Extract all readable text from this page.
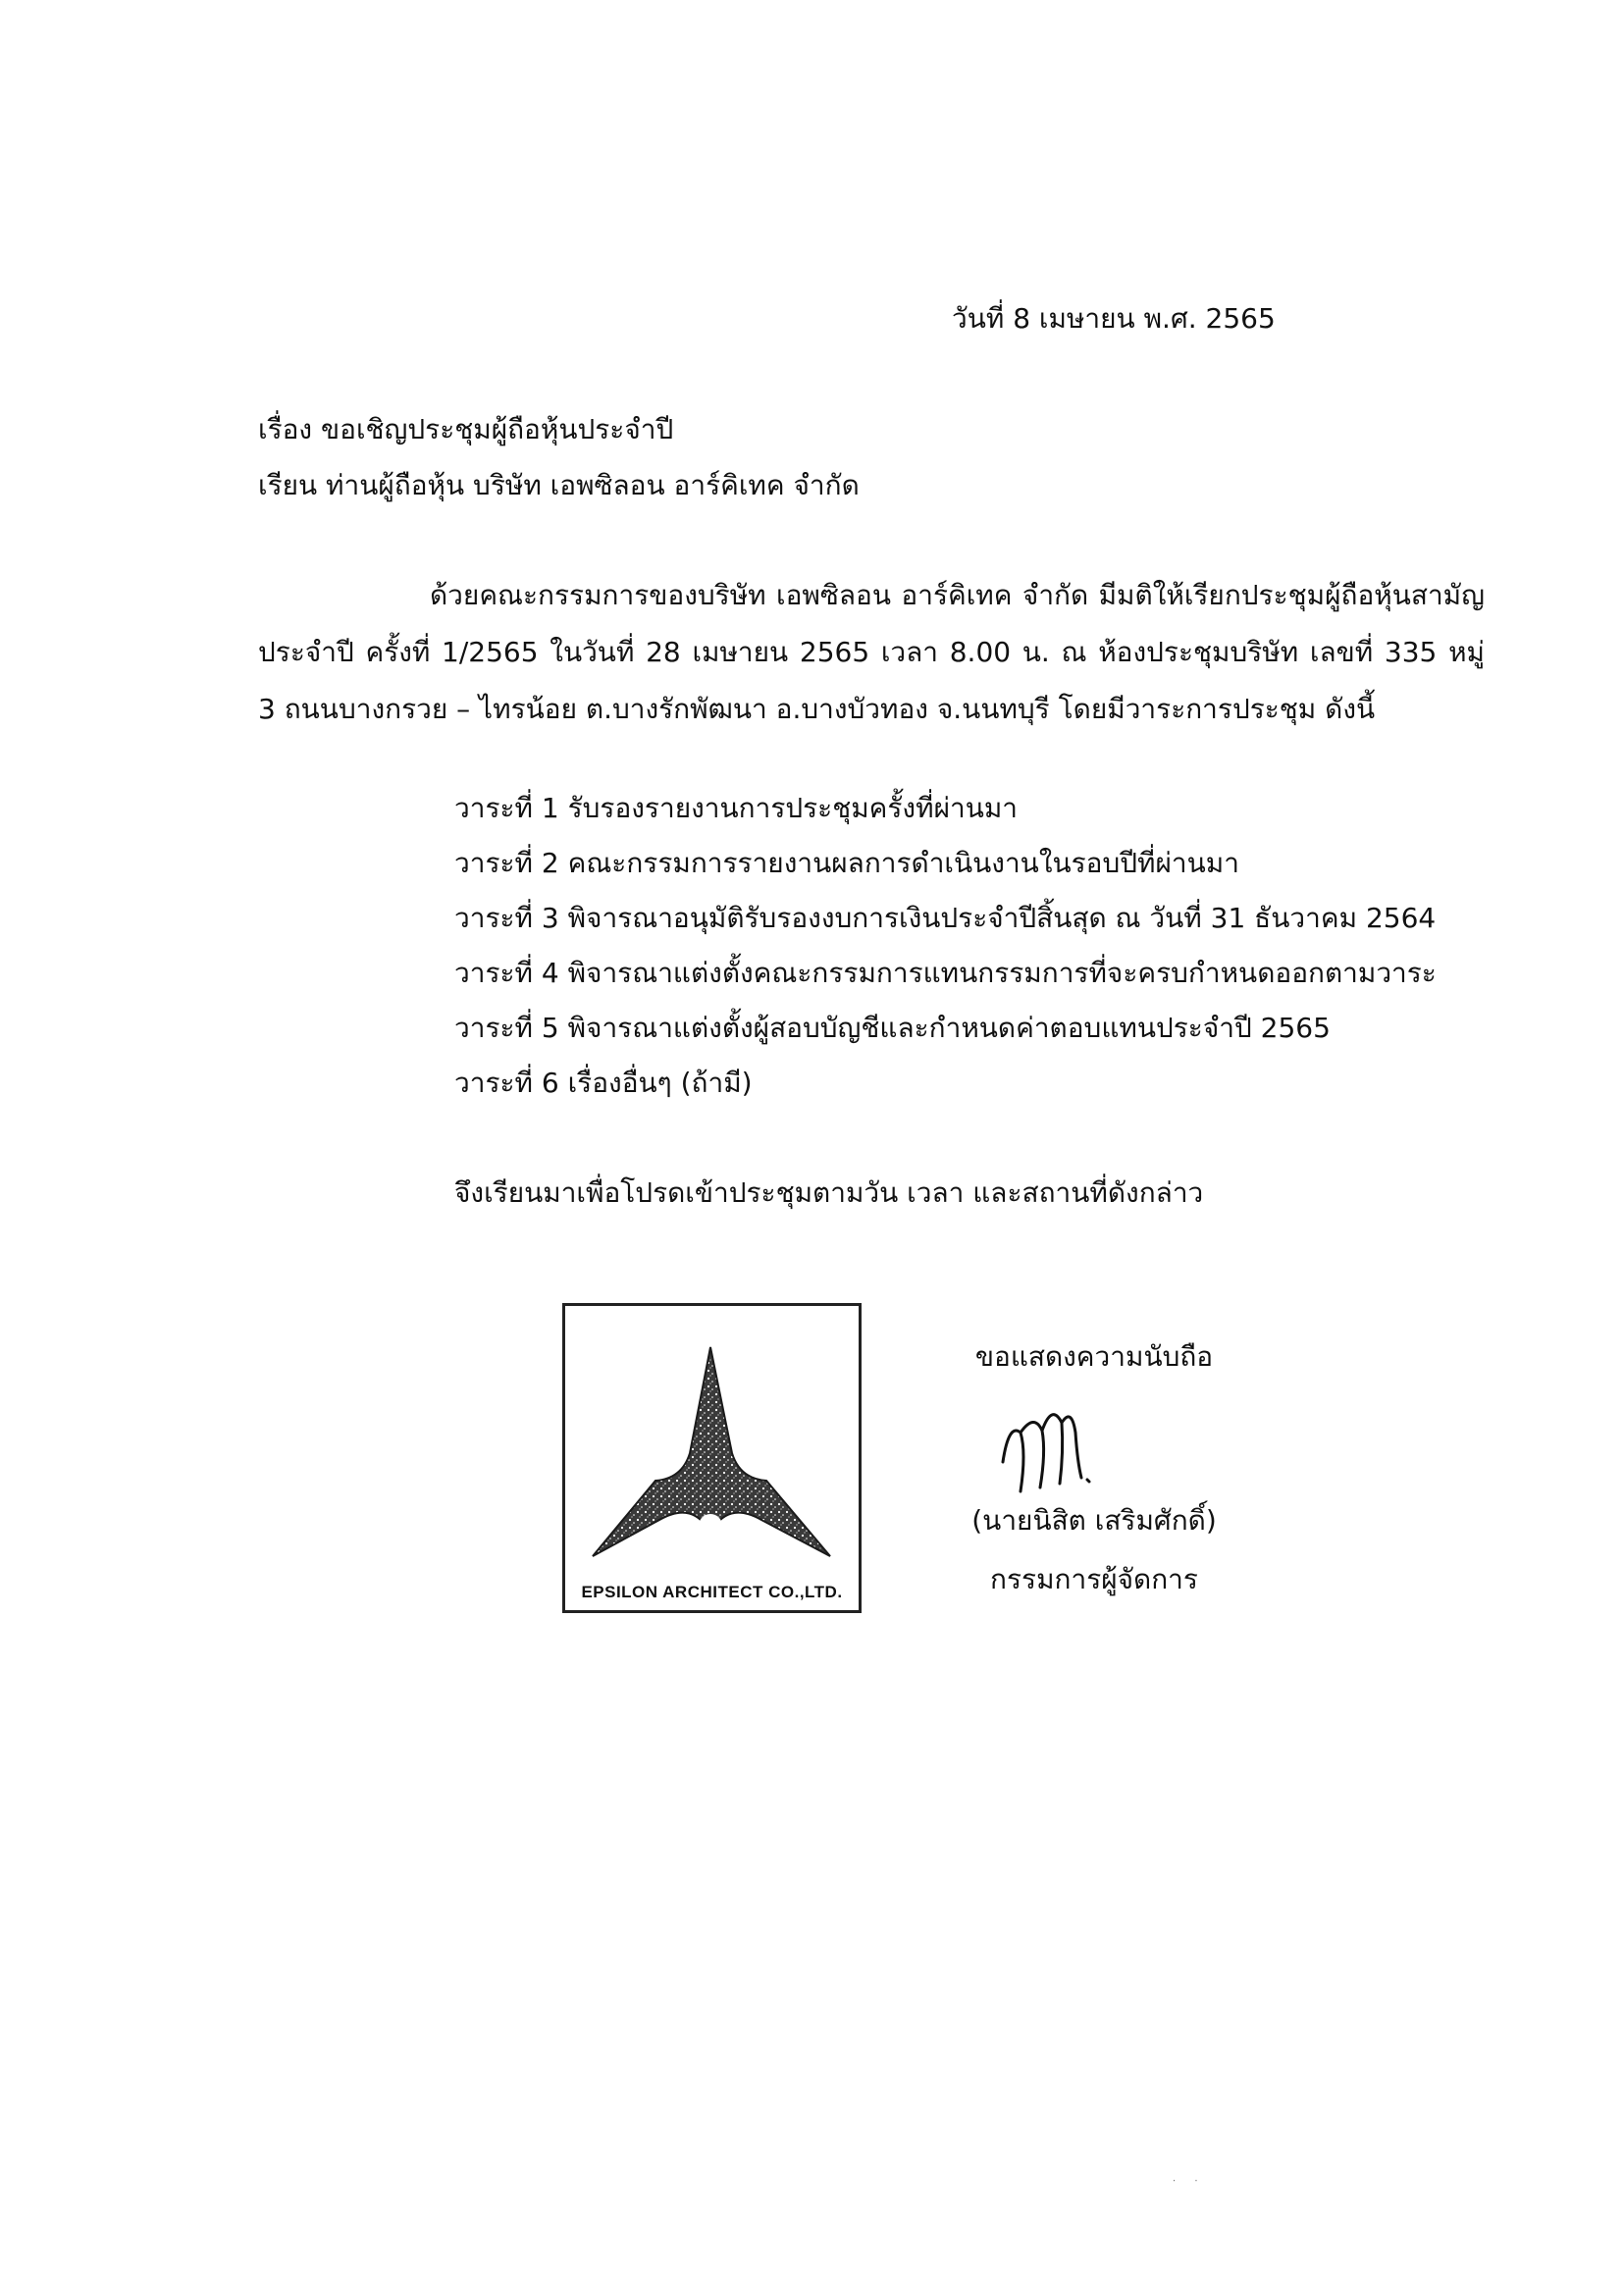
วันที่ 8 เมษายน พ.ศ. 2565
เรื่อง ขอเชิญประชุมผู้ถือหุ้นประจำปี
เรียน ท่านผู้ถือหุ้น บริษัท เอพซิลอน อาร์คิเทค จำกัด
ด้วยคณะกรรมการของบริษัท เอพซิลอน อาร์คิเทค จำกัด มีมติให้เรียกประชุมผู้ถือหุ้นสามัญ
ประจำปี ครั้งที่ 1/2565 ในวันที่ 28 เมษายน 2565 เวลา 8.00 น. ณ ห้องประชุมบริษัท เลขที่ 335 หมู่
3 ถนนบางกรวย – ไทรน้อย ต.บางรักพัฒนา อ.บางบัวทอง จ.นนทบุรี โดยมีวาระการประชุม ดังนี้
วาระที่ 1 รับรองรายงานการประชุมครั้งที่ผ่านมา
วาระที่ 2 คณะกรรมการรายงานผลการดำเนินงานในรอบปีที่ผ่านมา
วาระที่ 3 พิจารณาอนุมัติรับรองงบการเงินประจำปีสิ้นสุด ณ วันที่ 31 ธันวาคม 2564
วาระที่ 4 พิจารณาแต่งตั้งคณะกรรมการแทนกรรมการที่จะครบกำหนดออกตามวาระ
วาระที่ 5 พิจารณาแต่งตั้งผู้สอบบัญชีและกำหนดค่าตอบแทนประจำปี 2565
วาระที่ 6 เรื่องอื่นๆ (ถ้ามี)
จึงเรียนมาเพื่อโปรดเข้าประชุมตามวัน เวลา และสถานที่ดังกล่าว
EPSILON ARCHITECT CO.,LTD.
ขอแสดงความนับถือ
(นายนิสิต เสริมศักดิ์)
กรรมการผู้จัดการ
· ·
